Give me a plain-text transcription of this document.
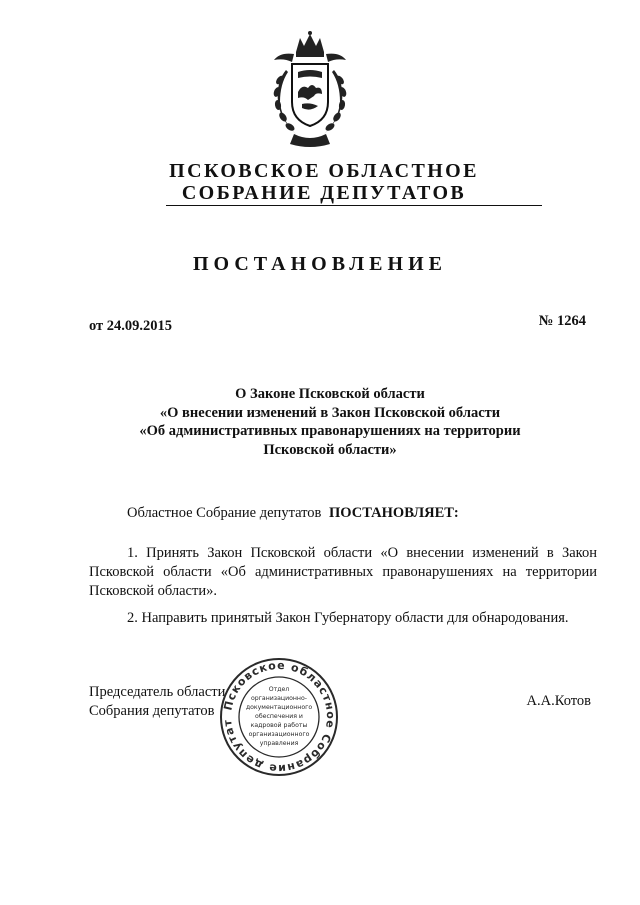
ПСКОВСКОЕ ОБЛАСТНОЕ
СОБРАНИЕ ДЕПУТАТОВ
ПОСТАНОВЛЕНИЕ
от 24.09.2015	№ 1264
О Законе Псковской области
«О внесении изменений в Закон Псковской области
«Об административных правонарушениях на территории
Псковской области»
Областное Собрание депутатов ПОСТАНОВЛЯЕТ:
1. Принять Закон Псковской области «О внесении изменений в Закон
Псковской области «Об административных правонарушениях на территории
Псковской области».
2. Направить принятый Закон Губернатору области для обнародования.
Председатель области
Собрания депутатов
А.А.Котов
Псковское областное Собрание депутат
Отдел
организационно-
документационного
обеспечения и
кадровой работы
организационного
управления
